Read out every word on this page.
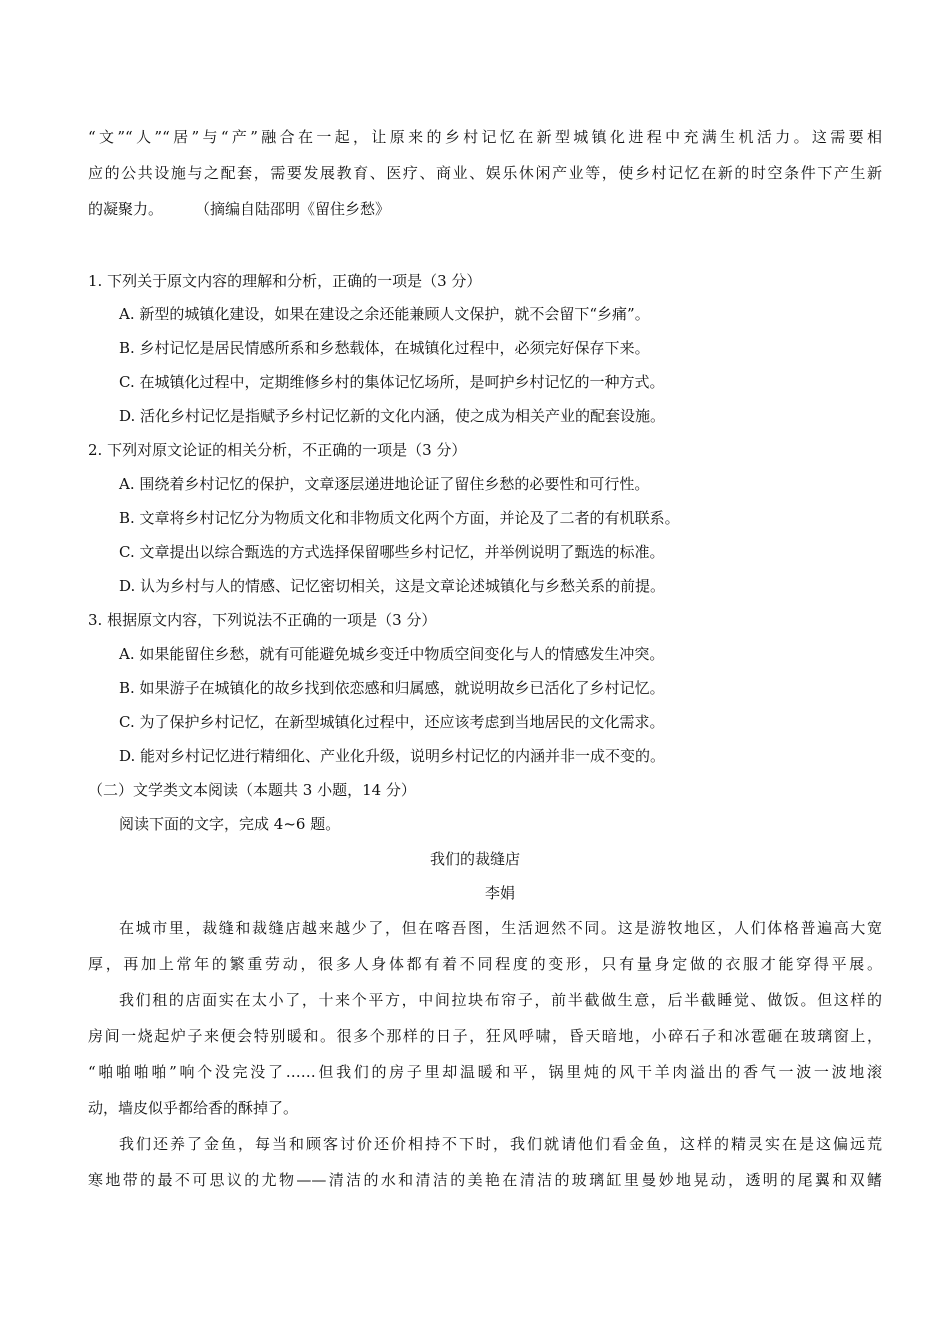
“文”“人”“居”与“产”融合在一起，让原来的乡村记忆在新型城镇化进程中充满生机活力。这需要相
应的公共设施与之配套，需要发展教育、医疗、商业、娱乐休闲产业等，使乡村记忆在新的时空条件下产生新
的凝聚力。 （摘编自陆邵明《留住乡愁》
1. 下列关于原文内容的理解和分析，正确的一项是（3 分）
A. 新型的城镇化建设，如果在建设之余还能兼顾人文保护，就不会留下“乡痛”。
B. 乡村记忆是居民情感所系和乡愁载体，在城镇化过程中，必须完好保存下来。
C. 在城镇化过程中，定期维修乡村的集体记忆场所，是呵护乡村记忆的一种方式。
D. 活化乡村记忆是指赋予乡村记忆新的文化内涵，使之成为相关产业的配套设施。
2. 下列对原文论证的相关分析，不正确的一项是（3 分）
A. 围绕着乡村记忆的保护，文章逐层递进地论证了留住乡愁的必要性和可行性。
B. 文章将乡村记忆分为物质文化和非物质文化两个方面，并论及了二者的有机联系。
C. 文章提出以综合甄选的方式选择保留哪些乡村记忆，并举例说明了甄选的标准。
D. 认为乡村与人的情感、记忆密切相关，这是文章论述城镇化与乡愁关系的前提。
3. 根据原文内容，下列说法不正确的一项是（3 分）
A. 如果能留住乡愁，就有可能避免城乡变迁中物质空间变化与人的情感发生冲突。
B. 如果游子在城镇化的故乡找到依恋感和归属感，就说明故乡已活化了乡村记忆。
C. 为了保护乡村记忆，在新型城镇化过程中，还应该考虑到当地居民的文化需求。
D. 能对乡村记忆进行精细化、产业化升级，说明乡村记忆的内涵并非一成不变的。
（二）文学类文本阅读（本题共 3 小题，14 分）
阅读下面的文字，完成 4~6 题。
我们的裁缝店
李娟
在城市里，裁缝和裁缝店越来越少了，但在喀吾图，生活迥然不同。这是游牧地区，人们体格普遍高大宽
厚，再加上常年的繁重劳动，很多人身体都有着不同程度的变形，只有量身定做的衣服才能穿得平展。
我们租的店面实在太小了，十来个平方，中间拉块布帘子，前半截做生意，后半截睡觉、做饭。但这样的
房间一烧起炉子来便会特别暖和。很多个那样的日子，狂风呼啸，昏天暗地，小碎石子和冰雹砸在玻璃窗上，
“啪啪啪啪”响个没完没了……但我们的房子里却温暖和平，锅里炖的风干羊肉溢出的香气一波一波地滚
动，墙皮似乎都给香的酥掉了。
我们还养了金鱼，每当和顾客讨价还价相持不下时，我们就请他们看金鱼，这样的精灵实在是这偏远荒
寒地带的最不可思议的尤物——清洁的水和清洁的美艳在清洁的玻璃缸里曼妙地晃动，透明的尾翼和双鳍
